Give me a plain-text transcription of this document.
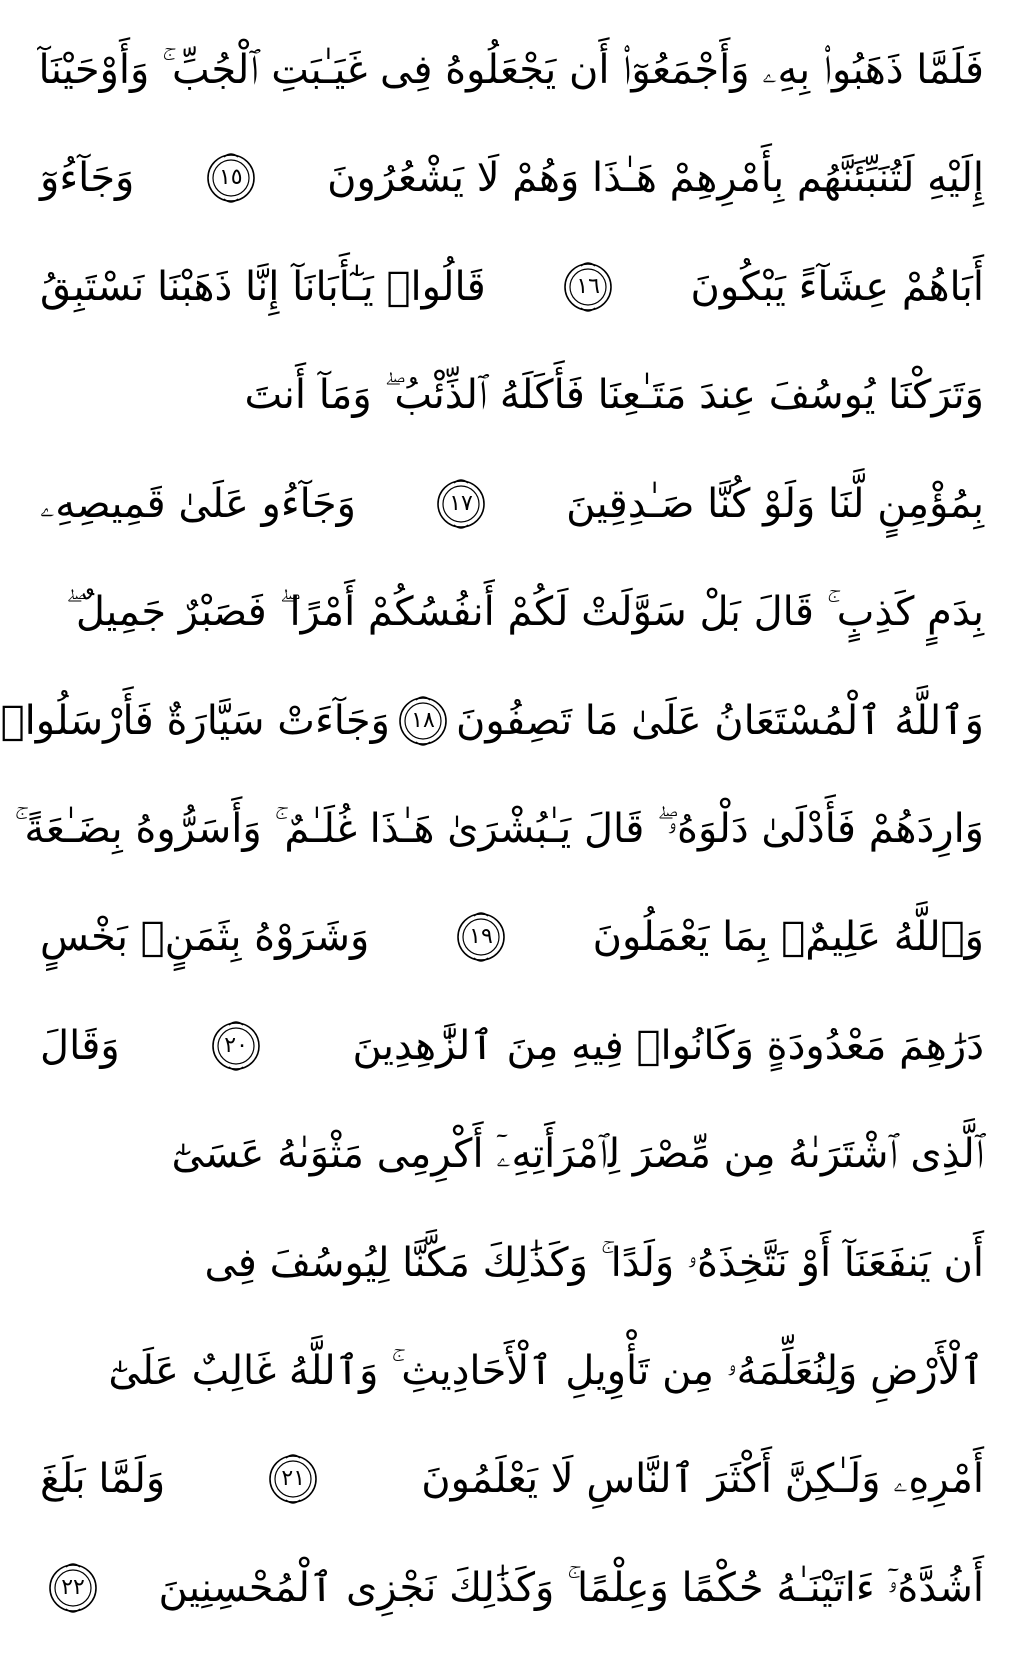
فَلَمَّا ذَهَبُوا۟ بِهِۦ وَأَجْمَعُوٓا۟ أَن يَجْعَلُوهُ فِى غَيَـٰبَتِ ٱلْجُبِّ ۚ وَأَوْحَيْنَآ
إِلَيْهِ لَتُنَبِّئَنَّهُم بِأَمْرِهِمْ هَـٰذَا وَهُمْ لَا يَشْعُرُونَ
١٥
وَجَآءُوٓ
أَبَاهُمْ عِشَآءً يَبْكُونَ
١٦
قَالُوا۟ يَـٰٓأَبَانَآ إِنَّا ذَهَبْنَا نَسْتَبِقُ
وَتَرَكْنَا يُوسُفَ عِندَ مَتَـٰعِنَا فَأَكَلَهُ ٱلذِّئْبُ ۖ وَمَآ أَنتَ
بِمُؤْمِنٍ لَّنَا وَلَوْ كُنَّا صَـٰدِقِينَ
١٧
وَجَآءُو عَلَىٰ قَمِيصِهِۦ
بِدَمٍ كَذِبٍ ۚ قَالَ بَلْ سَوَّلَتْ لَكُمْ أَنفُسُكُمْ أَمْرًا ۖ فَصَبْرٌ جَمِيلٌ ۖ
وَٱللَّهُ ٱلْمُسْتَعَانُ عَلَىٰ مَا تَصِفُونَ
١٨
وَجَآءَتْ سَيَّارَةٌ فَأَرْسَلُوا۟
وَارِدَهُمْ فَأَدْلَىٰ دَلْوَهُۥ ۖ قَالَ يَـٰبُشْرَىٰ هَـٰذَا غُلَـٰمٌ ۚ وَأَسَرُّوهُ بِضَـٰعَةً ۚ
وَٱللَّهُ عَلِيمٌۢ بِمَا يَعْمَلُونَ
١٩
وَشَرَوْهُ بِثَمَنٍۭ بَخْسٍ
دَرَٰهِمَ مَعْدُودَةٍ وَكَانُوا۟ فِيهِ مِنَ ٱلزَّٰهِدِينَ
٢٠
وَقَالَ
ٱلَّذِى ٱشْتَرَىٰهُ مِن مِّصْرَ لِٱمْرَأَتِهِۦٓ أَكْرِمِى مَثْوَىٰهُ عَسَىٰٓ
أَن يَنفَعَنَآ أَوْ نَتَّخِذَهُۥ وَلَدًا ۚ وَكَذَٰلِكَ مَكَّنَّا لِيُوسُفَ فِى
ٱلْأَرْضِ وَلِنُعَلِّمَهُۥ مِن تَأْوِيلِ ٱلْأَحَادِيثِ ۚ وَٱللَّهُ غَالِبٌ عَلَىٰٓ
أَمْرِهِۦ وَلَـٰكِنَّ أَكْثَرَ ٱلنَّاسِ لَا يَعْلَمُونَ
٢١
وَلَمَّا بَلَغَ
أَشُدَّهُۥٓ ءَاتَيْنَـٰهُ حُكْمًا وَعِلْمًا ۚ وَكَذَٰلِكَ نَجْزِى ٱلْمُحْسِنِينَ
٢٢
